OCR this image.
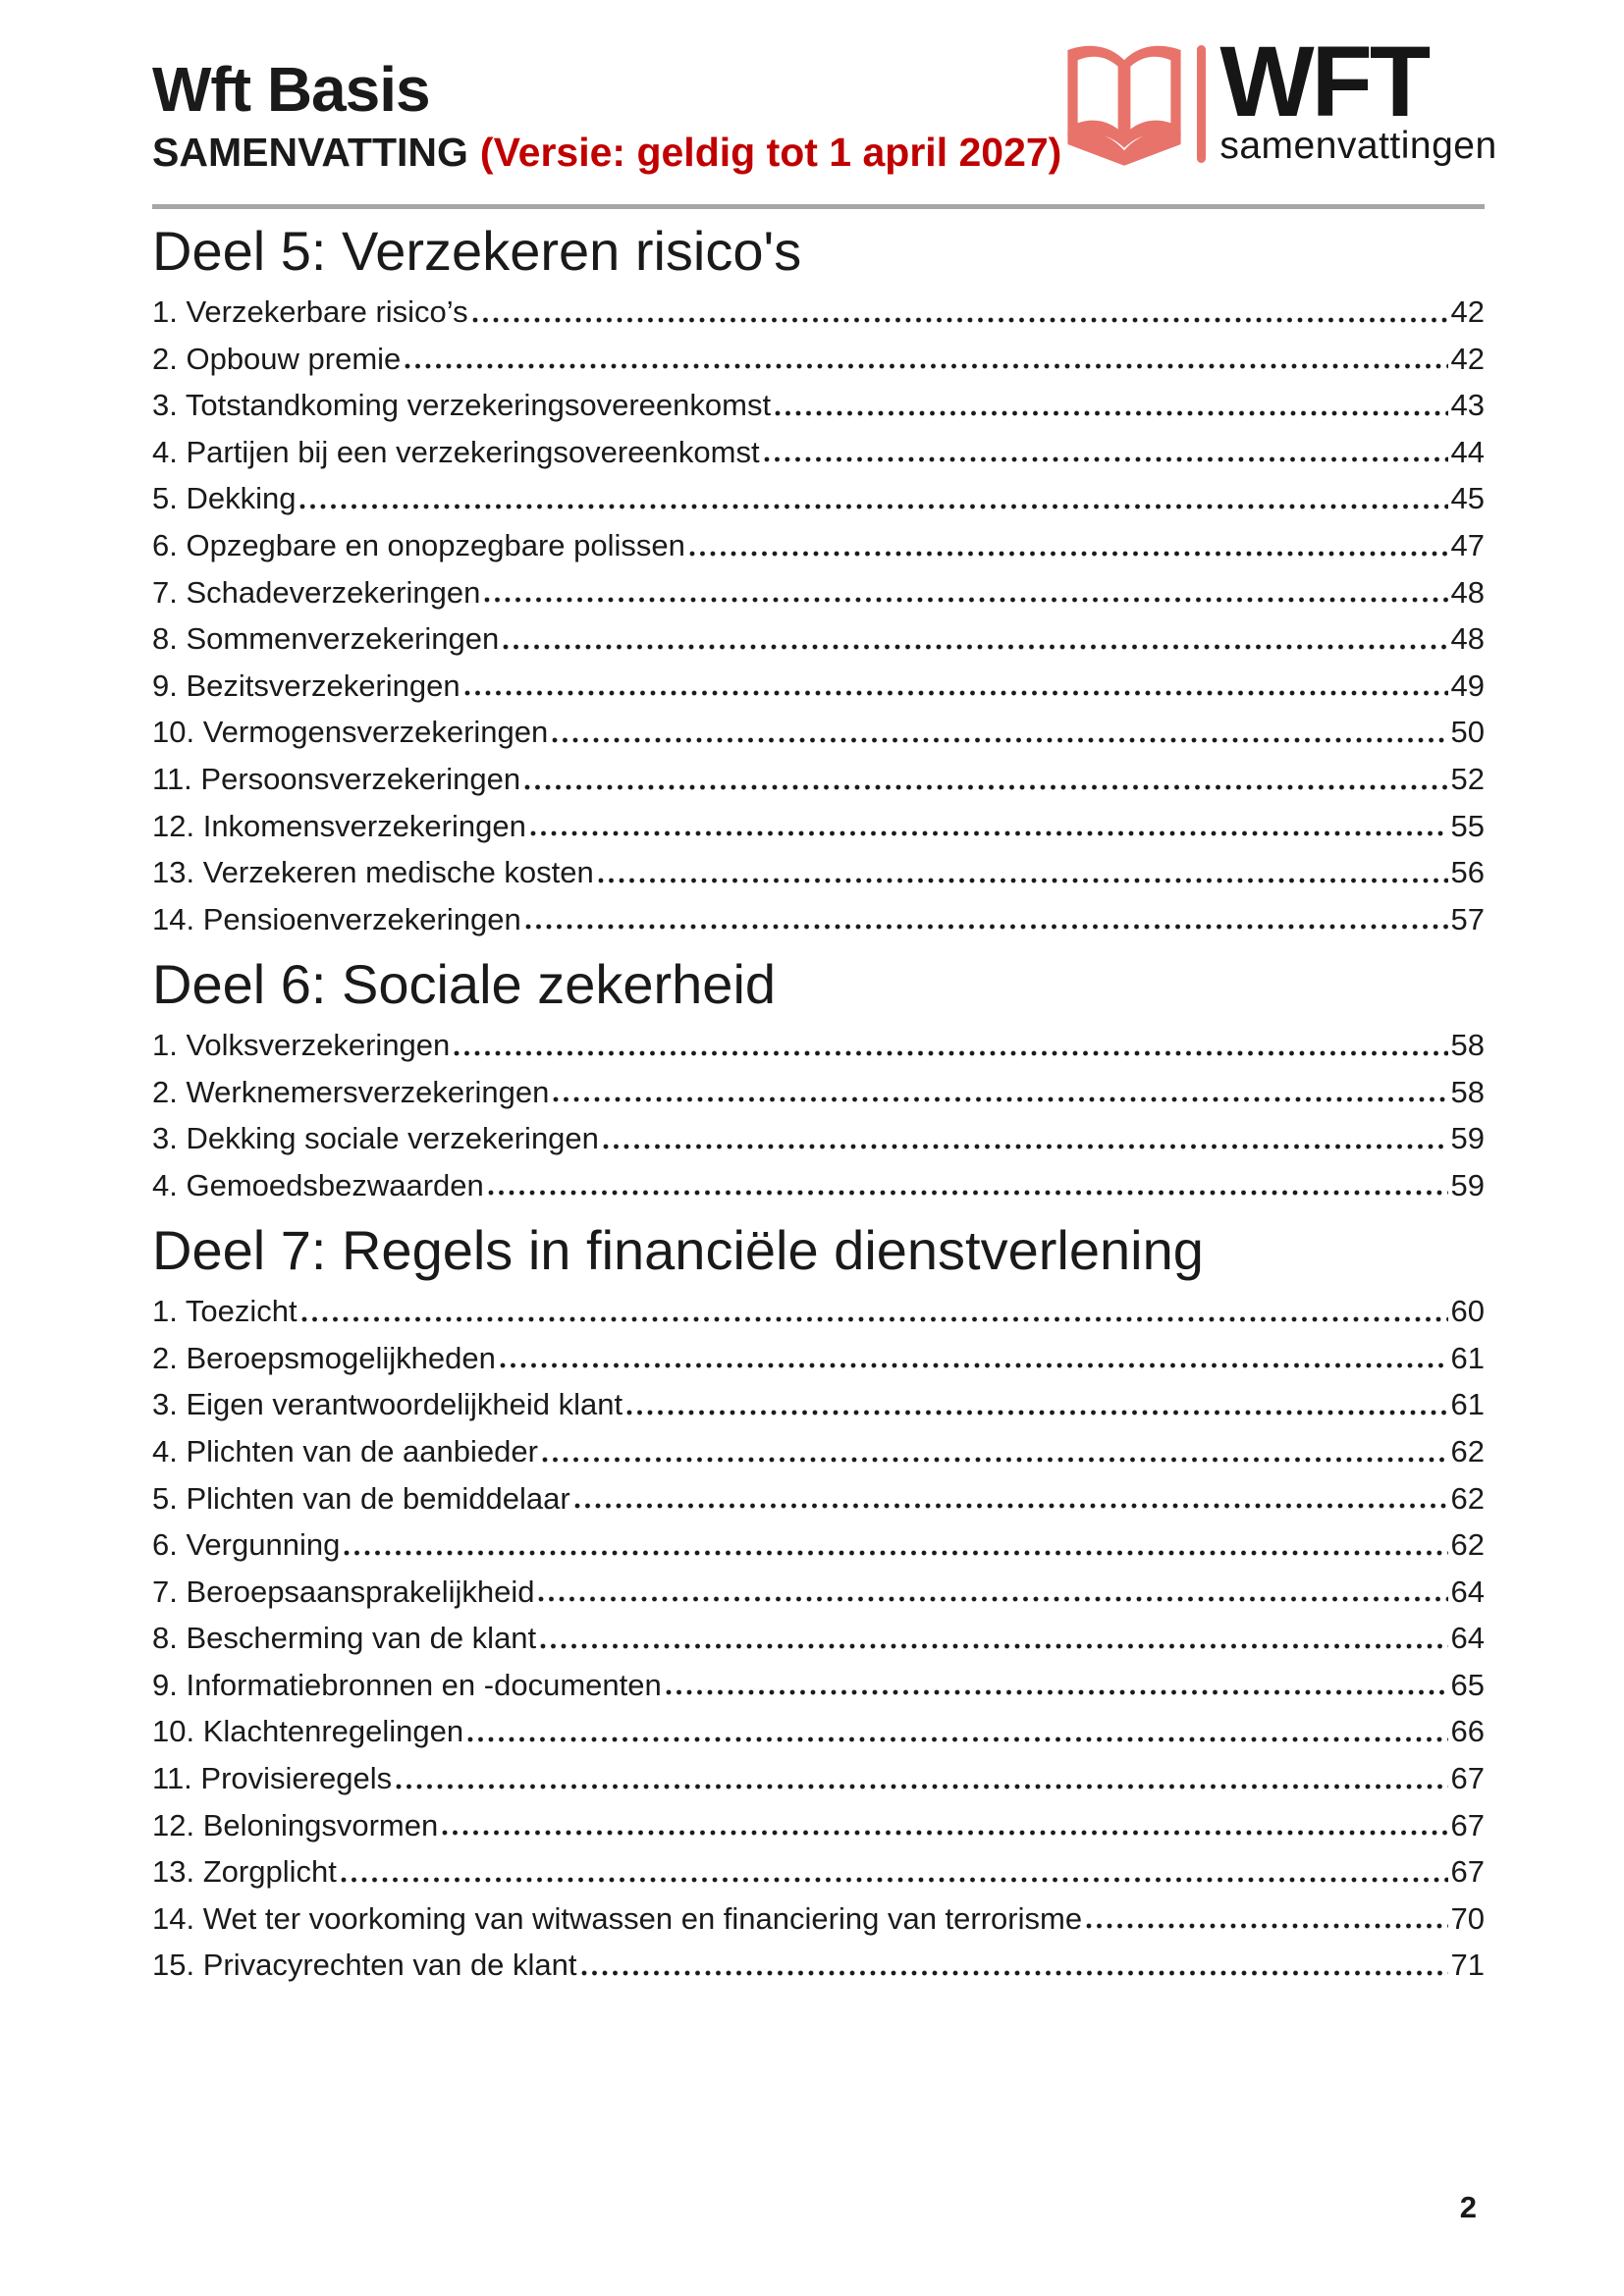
Wft Basis
SAMENVATTING (Versie: geldig tot 1 april 2027)
WFT
samenvattingen
Deel 5: Verzekeren risico's
1. Verzekerbare risico’s	42
2. Opbouw premie	42
3. Totstandkoming verzekeringsovereenkomst	43
4. Partijen bij een verzekeringsovereenkomst	44
5. Dekking	45
6. Opzegbare en onopzegbare polissen	47
7. Schadeverzekeringen	48
8. Sommenverzekeringen	48
9. Bezitsverzekeringen	49
10. Vermogensverzekeringen	50
11. Persoonsverzekeringen	52
12. Inkomensverzekeringen	55
13. Verzekeren medische kosten	56
14. Pensioenverzekeringen	57
Deel 6: Sociale zekerheid
1. Volksverzekeringen	58
2. Werknemersverzekeringen	58
3. Dekking sociale verzekeringen	59
4. Gemoedsbezwaarden	59
Deel 7: Regels in financiële dienstverlening
1. Toezicht	60
2. Beroepsmogelijkheden	61
3. Eigen verantwoordelijkheid klant	61
4. Plichten van de aanbieder	62
5. Plichten van de bemiddelaar	62
6. Vergunning	62
7. Beroepsaansprakelijkheid	64
8. Bescherming van de klant	64
9. Informatiebronnen en -documenten	65
10. Klachtenregelingen	66
11. Provisieregels	67
12. Beloningsvormen	67
13. Zorgplicht	67
14. Wet ter voorkoming van witwassen en financiering van terrorisme	70
15. Privacyrechten van de klant	71
2
